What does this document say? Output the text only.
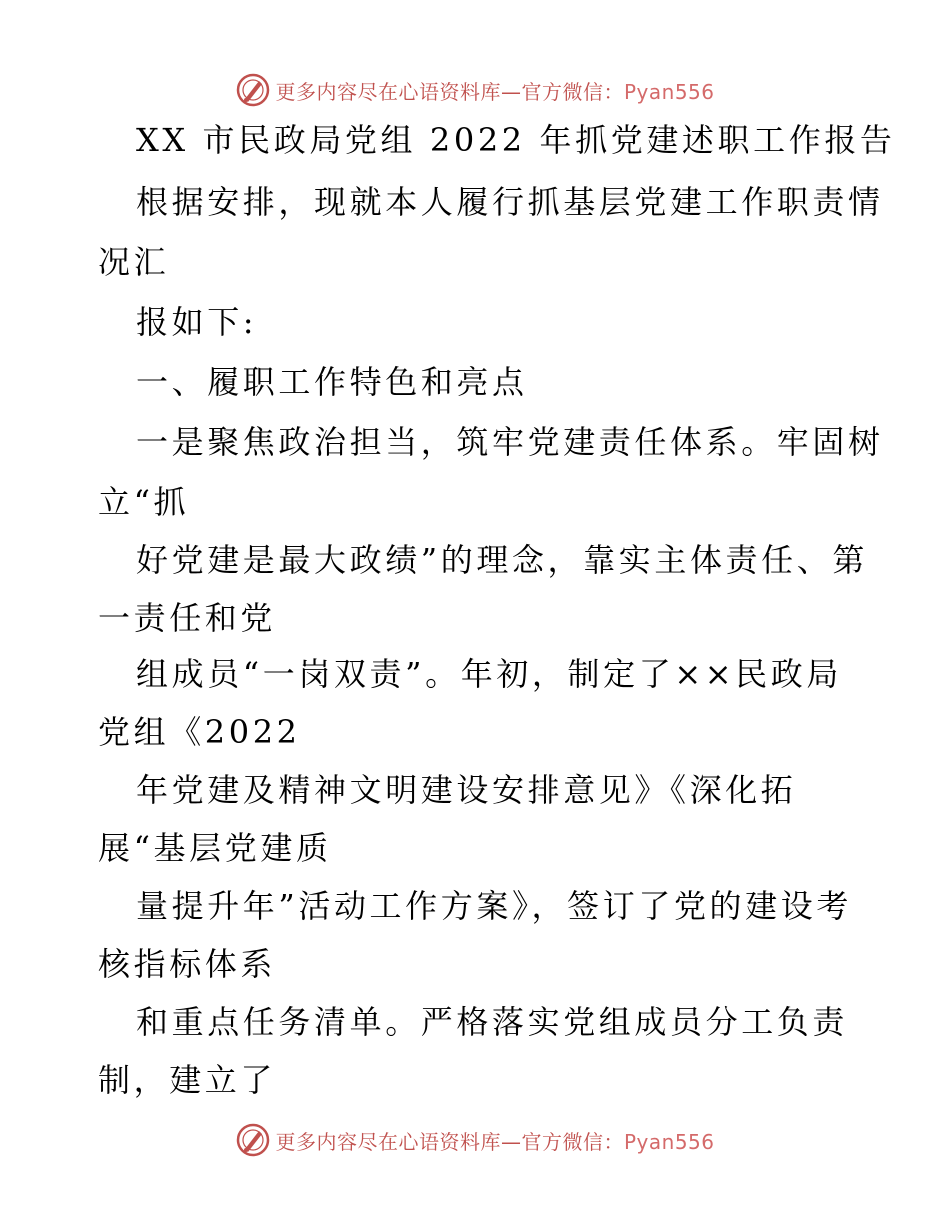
更多内容尽在心语资料库—官方微信：Pyan556
XX 市民政局党组 2022 年抓党建述职工作报告
根据安排，现就本人履行抓基层党建工作职责情
况汇
报如下:
一、履职工作特色和亮点
一是聚焦政治担当，筑牢党建责任体系。牢固树
立“抓
好党建是最大政绩”的理念，靠实主体责任、第
一责任和党
组成员“一岗双责”。年初，制定了××民政局
党组《2022
年党建及精神文明建设安排意见》《深化拓
展“基层党建质
量提升年”活动工作方案》，签订了党的建设考
核指标体系
和重点任务清单。严格落实党组成员分工负责
制，建立了
更多内容尽在心语资料库—官方微信：Pyan556
